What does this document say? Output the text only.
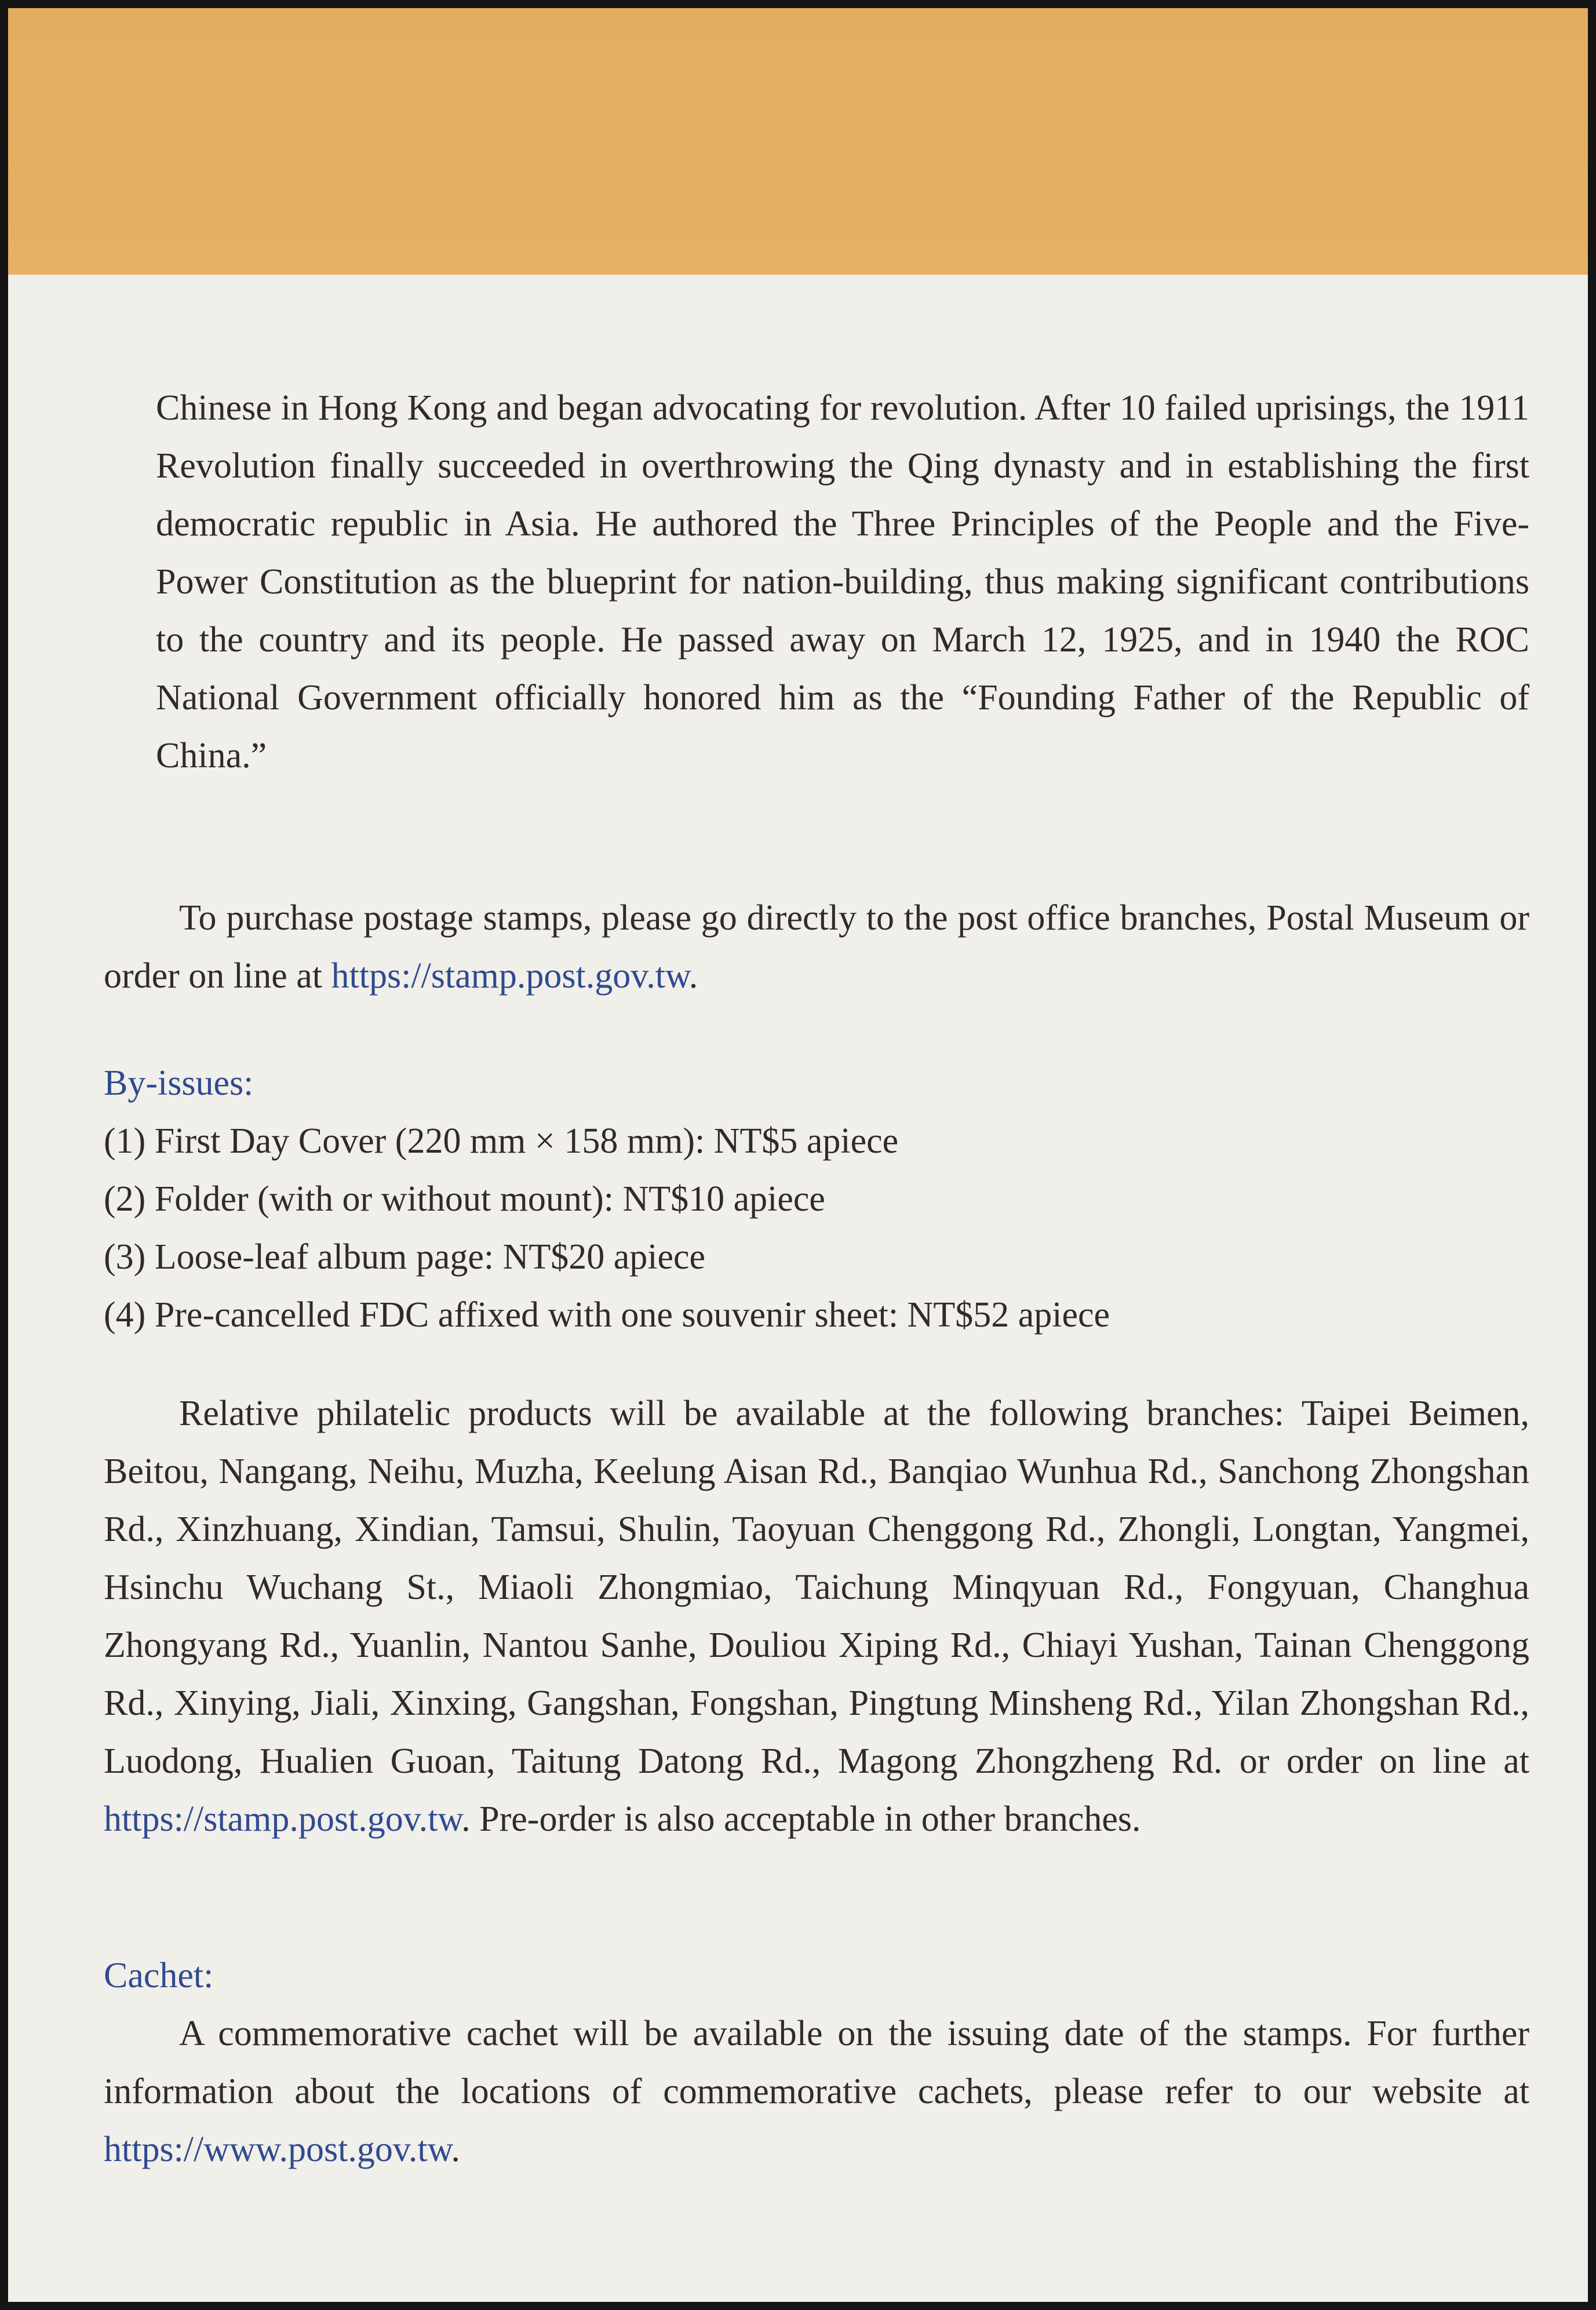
Chinese in Hong Kong and began advocating for revolution. After 10 failed uprisings, the 1911 Revolution finally succeeded in overthrowing the Qing dynasty and in establishing the first democratic republic in Asia. He authored the Three Principles of the People and the Five-Power Constitution as the blueprint for nation-building, thus making significant contributions to the country and its people. He passed away on March 12, 1925, and in 1940 the ROC National Government officially honored him as the “Founding Father of the Republic of China.”

To purchase postage stamps, please go directly to the post office branches, Postal Museum or order on line at https://stamp.post.gov.tw.

By-issues:

(1) First Day Cover (220 mm × 158 mm): NT$5 apiece

(2) Folder (with or without mount): NT$10 apiece

(3) Loose-leaf album page: NT$20 apiece

(4) Pre-cancelled FDC affixed with one souvenir sheet: NT$52 apiece

Relative philatelic products will be available at the following branches: Taipei Beimen, Beitou, Nangang, Neihu, Muzha, Keelung Aisan Rd., Banqiao Wunhua Rd., Sanchong Zhongshan Rd., Xinzhuang, Xindian, Tamsui, Shulin, Taoyuan Chenggong Rd., Zhongli, Longtan, Yangmei, Hsinchu Wuchang St., Miaoli Zhongmiao, Taichung Minqyuan Rd., Fongyuan, Changhua Zhongyang Rd., Yuanlin, Nantou Sanhe, Douliou Xiping Rd., Chiayi Yushan, Tainan Chenggong Rd., Xinying, Jiali, Xinxing, Gangshan, Fongshan, Pingtung Minsheng Rd., Yilan Zhongshan Rd., Luodong, Hualien Guoan, Taitung Datong Rd., Magong Zhongzheng Rd. or order on line at https://stamp.post.gov.tw. Pre-order is also acceptable in other branches.

Cachet:

A commemorative cachet will be available on the issuing date of the stamps. For further information about the locations of commemorative cachets, please refer to our website at https://www.post.gov.tw.
